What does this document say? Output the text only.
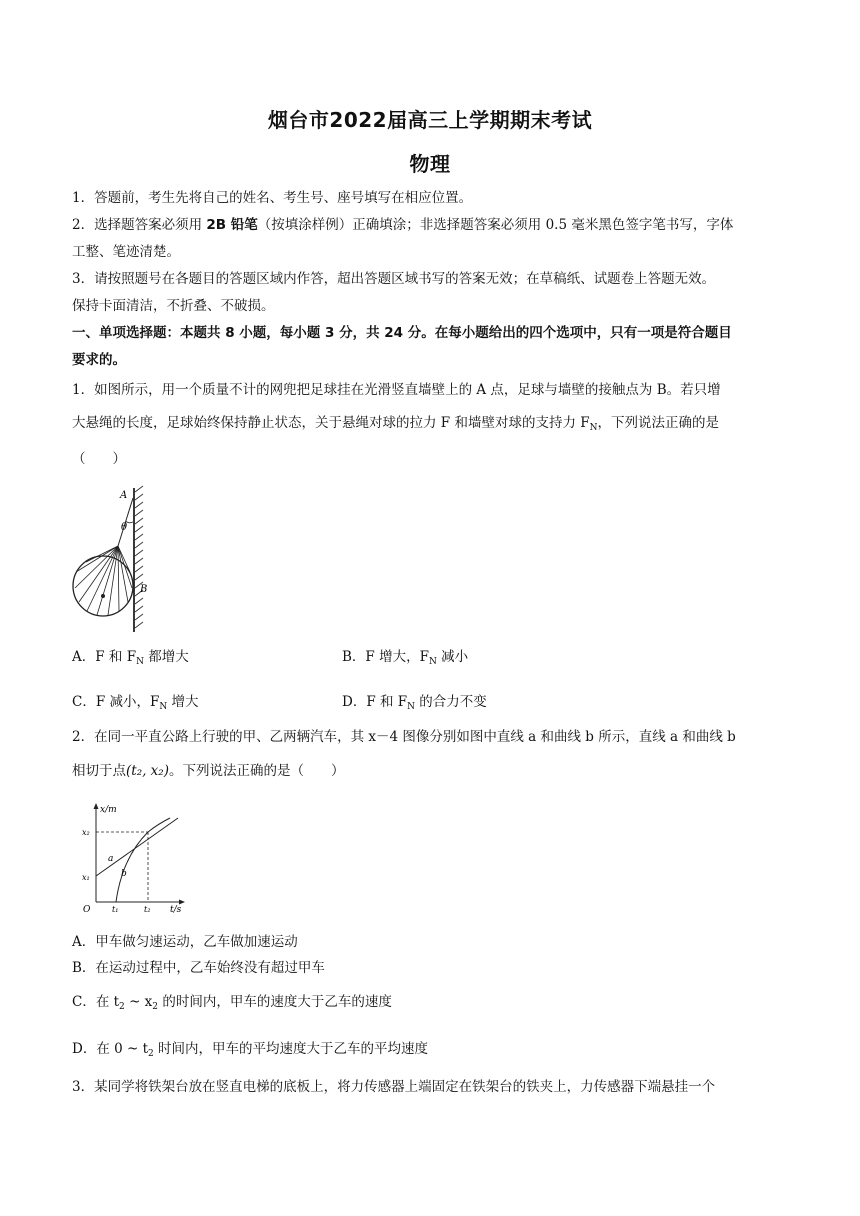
烟台市2022届高三上学期期末考试
物理
1．答题前，考生先将自己的姓名、考生号、座号填写在相应位置。
2．选择题答案必须用 2B 铅笔（按填涂样例）正确填涂；非选择题答案必须用 0.5 毫米黑色签字笔书写，字体
工整、笔迹清楚。
3．请按照题号在各题目的答题区域内作答，超出答题区域书写的答案无效；在草稿纸、试题卷上答题无效。
保持卡面清洁，不折叠、不破损。
一、单项选择题：本题共 8 小题，每小题 3 分，共 24 分。在每小题给出的四个选项中，只有一项是符合题目
要求的。
1．如图所示，用一个质量不计的网兜把足球挂在光滑竖直墙壁上的 A 点，足球与墙壁的接触点为 B。若只增
大悬绳的长度，足球始终保持静止状态，关于悬绳对球的拉力 F 和墙壁对球的支持力 $F_N$，下列说法正确的是
（　　）
A
θ
B
A．F 和 $F_N$ 都增大	B．F 增大，$F_N$ 减小
C．F 减小，$F_N$ 增大	D．F 和 $F_N$ 的合力不变
2．在同一平直公路上行驶的甲、乙两辆汽车，其 x－4 图像分别如图中直线 a 和曲线 b 所示，直线 a 和曲线 b
相切于点(t₂, x₂)。下列说法正确的是（　　）
x/m
t/s
O
x₂
x₁
t₁	t₂
a
b
A．甲车做匀速运动，乙车做加速运动
B．在运动过程中，乙车始终没有超过甲车
C．在 $t_2$ ~ $x_2$ 的时间内，甲车的速度大于乙车的速度
D．在 0 ~ $t_2$ 时间内，甲车的平均速度大于乙车的平均速度
3．某同学将铁架台放在竖直电梯的底板上，将力传感器上端固定在铁架台的铁夹上，力传感器下端悬挂一个
